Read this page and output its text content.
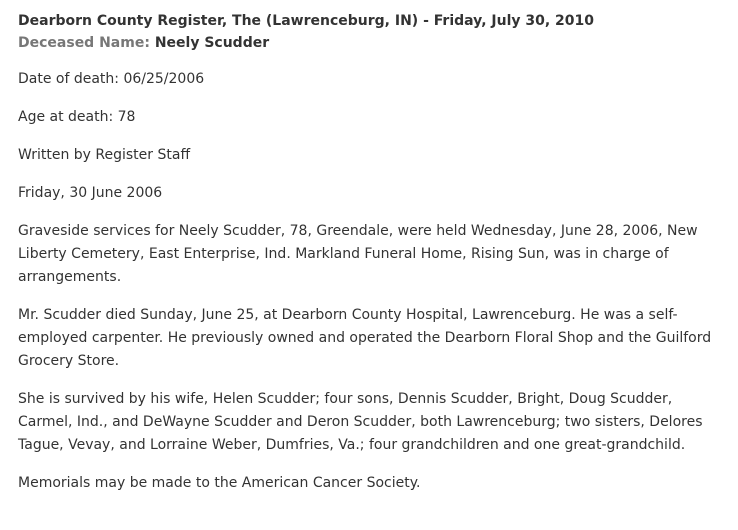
Dearborn County Register, The (Lawrenceburg, IN) - Friday, July 30, 2010
Deceased Name: Neely Scudder

Date of death: 06/25/2006

Age at death: 78

Written by Register Staff

Friday, 30 June 2006

Graveside services for Neely Scudder, 78, Greendale, were held Wednesday, June 28, 2006, New Liberty Cemetery, East Enterprise, Ind. Markland Funeral Home, Rising Sun, was in charge of arrangements.

Mr. Scudder died Sunday, June 25, at Dearborn County Hospital, Lawrenceburg. He was a self-employed carpenter. He previously owned and operated the Dearborn Floral Shop and the Guilford Grocery Store.

She is survived by his wife, Helen Scudder; four sons, Dennis Scudder, Bright, Doug Scudder, Carmel, Ind., and DeWayne Scudder and Deron Scudder, both Lawrenceburg; two sisters, Delores Tague, Vevay, and Lorraine Weber, Dumfries, Va.; four grandchildren and one great-grandchild.

Memorials may be made to the American Cancer Society.
